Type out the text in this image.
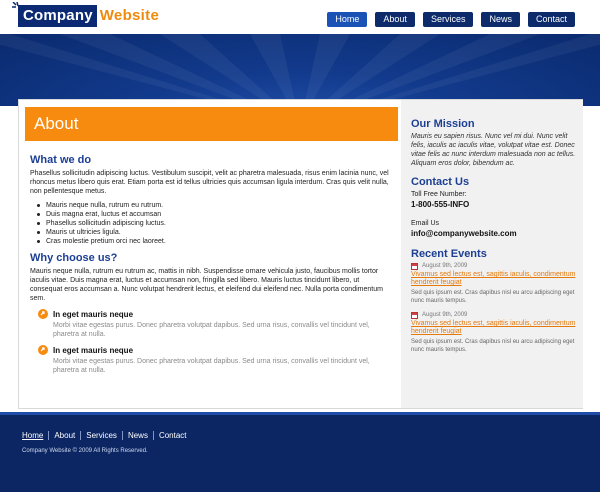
Company Website	Home	About	Services	News	Contact
About
What we do

Phasellus sollicitudin adipiscing luctus. Vestibulum suscipit, velit ac pharetra malesuada, risus enim lacinia nunc, vel rhoncus metus libero quis erat. Etiam porta est id tellus ultricies quis accumsan ligula interdum. Cras quis velit nulla, non pellentesque metus.

Mauris neque nulla, rutrum eu rutrum.
Duis magna erat, luctus et accumsan
Phasellus sollicitudin adipiscing luctus.
Mauris ut ultricies ligula.
Cras molestie pretium orci nec laoreet.
Why choose us?

Mauris neque nulla, rutrum eu rutrum ac, mattis in nibh. Suspendisse ornare vehicula justo, faucibus mollis tortor iaculis vitae. Duis magna erat, luctus et accumsan non, fringilla sed libero. Mauris luctus tincidunt libero, ut consequat eros accumsan a. Nunc volutpat hendrerit lectus, et eleifend dui eleifend nec. Nulla porta condimentum sem.

In eget mauris neque
Morbi vitae egestas purus. Donec pharetra volutpat dapibus. Sed urna risus, convallis vel tincidunt vel, pharetra at nulla.
In eget mauris neque
Morbi vitae egestas purus. Donec pharetra volutpat dapibus. Sed urna risus, convallis vel tincidunt vel, pharetra at nulla.
Our Mission
Mauris eu sapien risus. Nunc vel mi dui. Nunc velit felis, iaculis ac iaculis vitae, volutpat vitae est. Donec vitae felis ac nunc interdum malesuada non ac tellus. Aliquam eros dolor, bibendum ac.
Contact Us
Toll Free Number:
1-800-555-INFO
Email Us
info@companywebsite.com
Recent Events
August 9th, 2009
Vivamus sed lectus est, sagittis iaculis, condimentum hendrerit feugiat
Sed quis ipsum est. Cras dapibus nisl eu arcu adipiscing eget nunc mauris tempus.
August 9th, 2009
Vivamus sed lectus est, sagittis iaculis, condimentum hendrerit feugiat
Sed quis ipsum est. Cras dapibus nisl eu arcu adipiscing eget nunc mauris tempus.
Home	About	Services	News	Contact
Company Website © 2009 All Rights Reserved.
